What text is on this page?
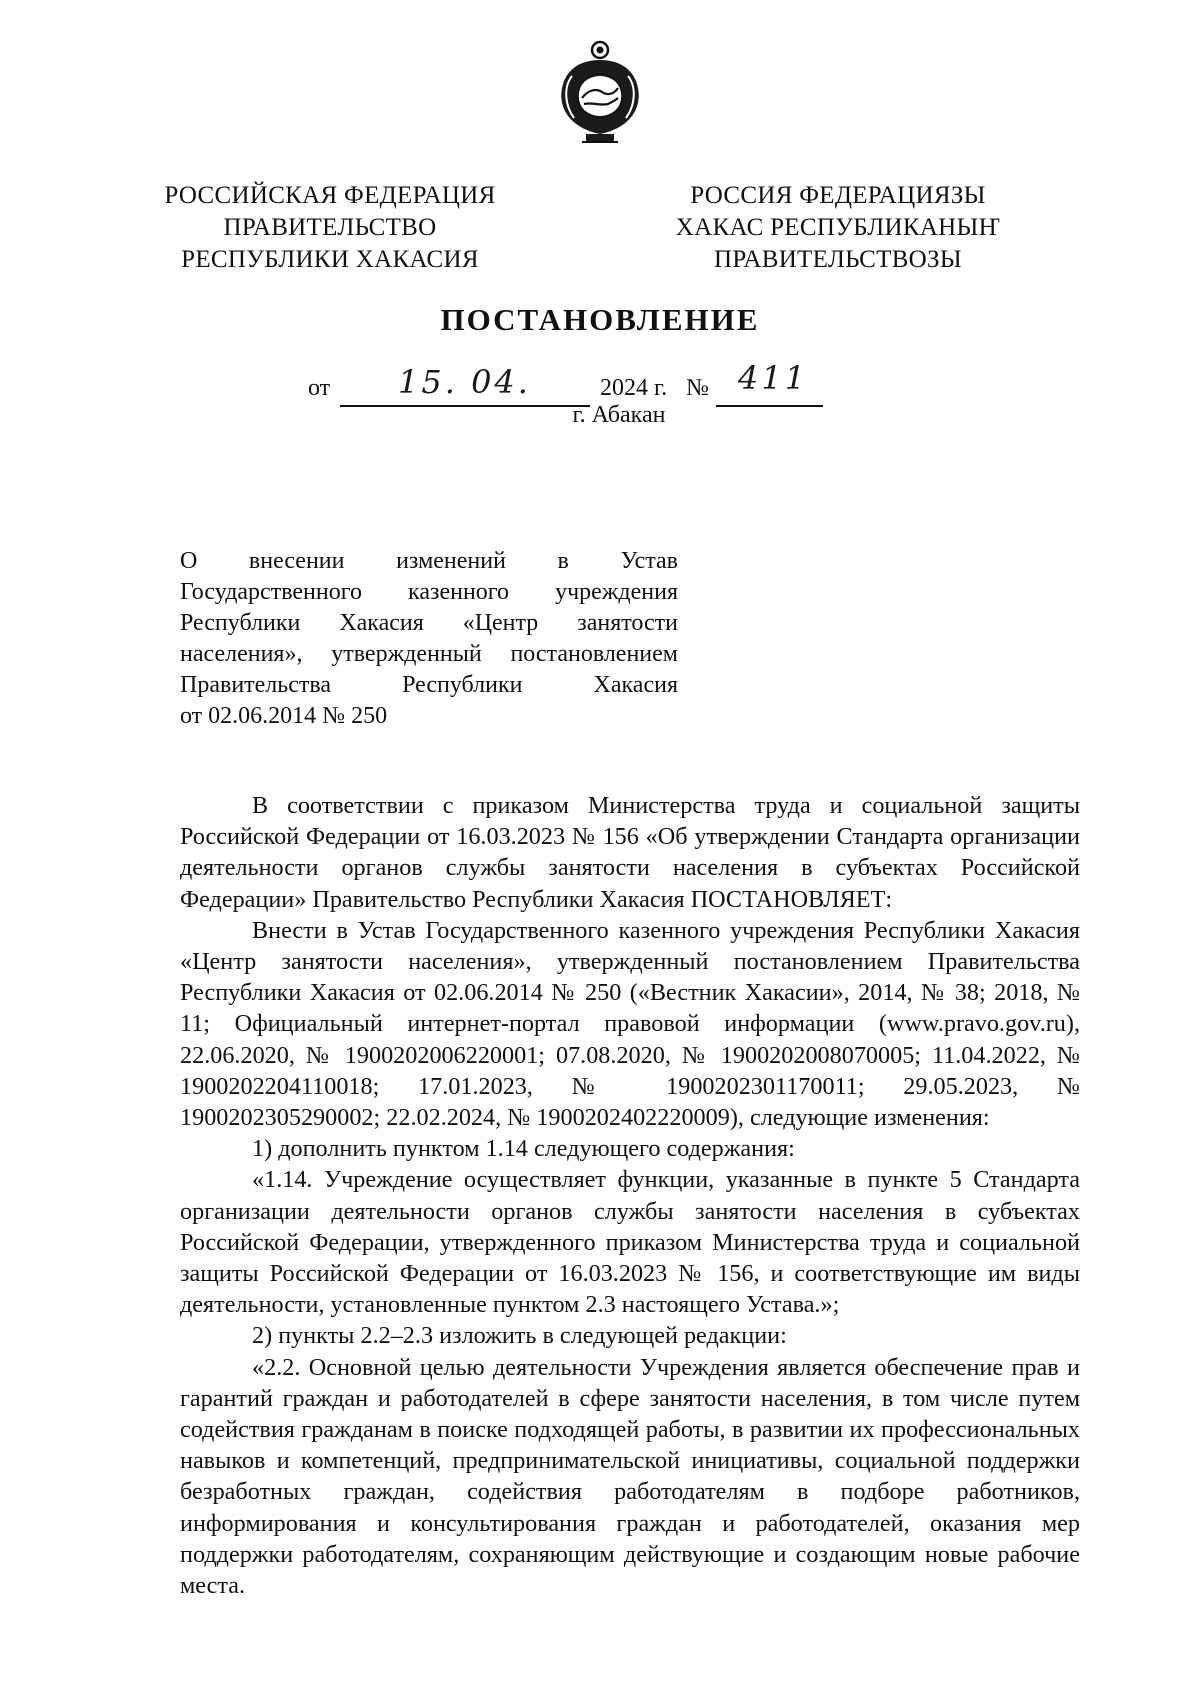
РОССИЙСКАЯ ФЕДЕРАЦИЯ
ПРАВИТЕЛЬСТВО
РЕСПУБЛИКИ ХАКАСИЯ
РОССИЯ ФЕДЕРАЦИЯЗЫ
ХАКАС РЕСПУБЛИКАНЫҤ
ПРАВИТЕЛЬСТВОЗЫ
ПОСТАНОВЛЕНИЕ
от 15. 04.	2024 г. № 411
г. Абакан
О внесении изменений в Устав
Государственного казенного учреждения
Республики Хакасия «Центр занятости
населения», утвержденный постановлением
Правительства Республики Хакасия
от 02.06.2014 № 250

В соответствии с приказом Министерства труда и социальной защиты Российской Федерации от 16.03.2023 № 156 «Об утверждении Стандарта организации деятельности органов службы занятости населения в субъектах Российской Федерации» Правительство Республики Хакасия ПОСТАНОВЛЯЕТ:

Внести в Устав Государственного казенного учреждения Республики Хакасия «Центр занятости населения», утвержденный постановлением Правительства Республики Хакасия от 02.06.2014 № 250 («Вестник Хакасии», 2014, № 38; 2018, № 11; Официальный интернет-портал правовой информации (www.pravo.gov.ru), 22.06.2020, № 1900202006220001; 07.08.2020, № 1900202008070005; 11.04.2022, № 1900202204110018; 17.01.2023, № 1900202301170011; 29.05.2023, № 1900202305290002; 22.02.2024, № 1900202402220009), следующие изменения:

1) дополнить пунктом 1.14 следующего содержания:

«1.14. Учреждение осуществляет функции, указанные в пункте 5 Стандарта организации деятельности органов службы занятости населения в субъектах Российской Федерации, утвержденного приказом Министерства труда и социальной защиты Российской Федерации от 16.03.2023 № 156, и соответствующие им виды деятельности, установленные пунктом 2.3 настоящего Устава.»;

2) пункты 2.2–2.3 изложить в следующей редакции:

«2.2. Основной целью деятельности Учреждения является обеспечение прав и гарантий граждан и работодателей в сфере занятости населения, в том числе путем содействия гражданам в поиске подходящей работы, в развитии их профессиональных навыков и компетенций, предпринимательской инициативы, социальной поддержки безработных граждан, содействия работодателям в подборе работников, информирования и консультирования граждан и работодателей, оказания мер поддержки работодателям, сохраняющим действующие и создающим новые рабочие места.
